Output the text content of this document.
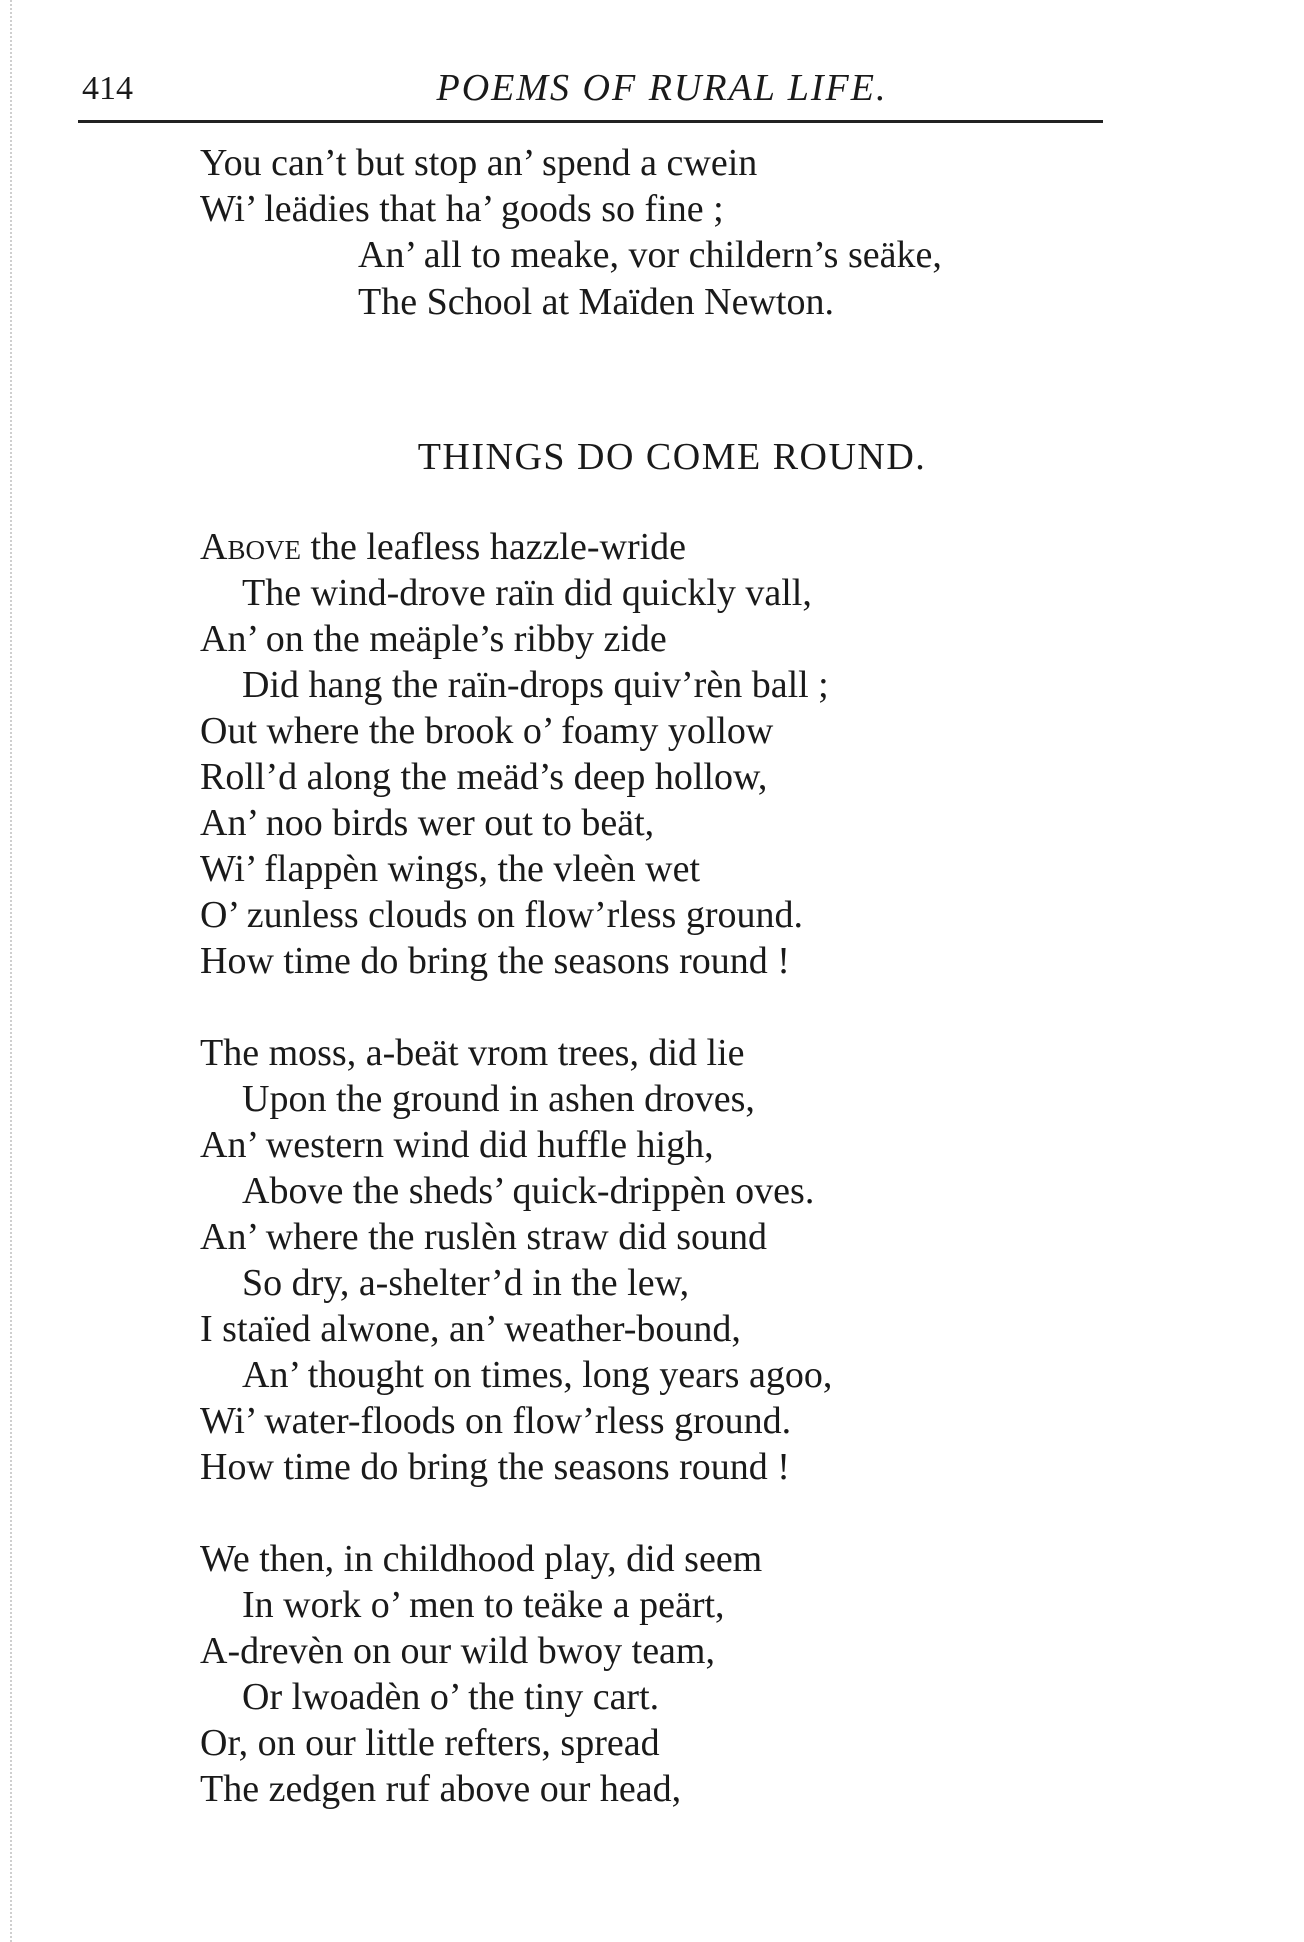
414	POEMS OF RURAL LIFE.
You can’t but stop an’ spend a cwein
Wi’ leädies that ha’ goods so fine ;
An’ all to meake, vor childern’s seäke,
The School at Maïden Newton.
THINGS DO COME ROUND.
Above the leafless hazzle-wride
The wind-drove raïn did quickly vall,
An’ on the meäple’s ribby zide
Did hang the raïn-drops quiv’rèn ball ;
Out where the brook o’ foamy yollow
Roll’d along the meäd’s deep hollow,
An’ noo birds wer out to beät,
Wi’ flappèn wings, the vleèn wet
O’ zunless clouds on flow’rless ground.
How time do bring the seasons round !
The moss, a-beät vrom trees, did lie
Upon the ground in ashen droves,
An’ western wind did huffle high,
Above the sheds’ quick-drippèn oves.
An’ where the ruslèn straw did sound
So dry, a-shelter’d in the lew,
I staïed alwone, an’ weather-bound,
An’ thought on times, long years agoo,
Wi’ water-floods on flow’rless ground.
How time do bring the seasons round !
We then, in childhood play, did seem
In work o’ men to teäke a peärt,
A-drevèn on our wild bwoy team,
Or lwoadèn o’ the tiny cart.
Or, on our little refters, spread
The zedgen ruf above our head,
